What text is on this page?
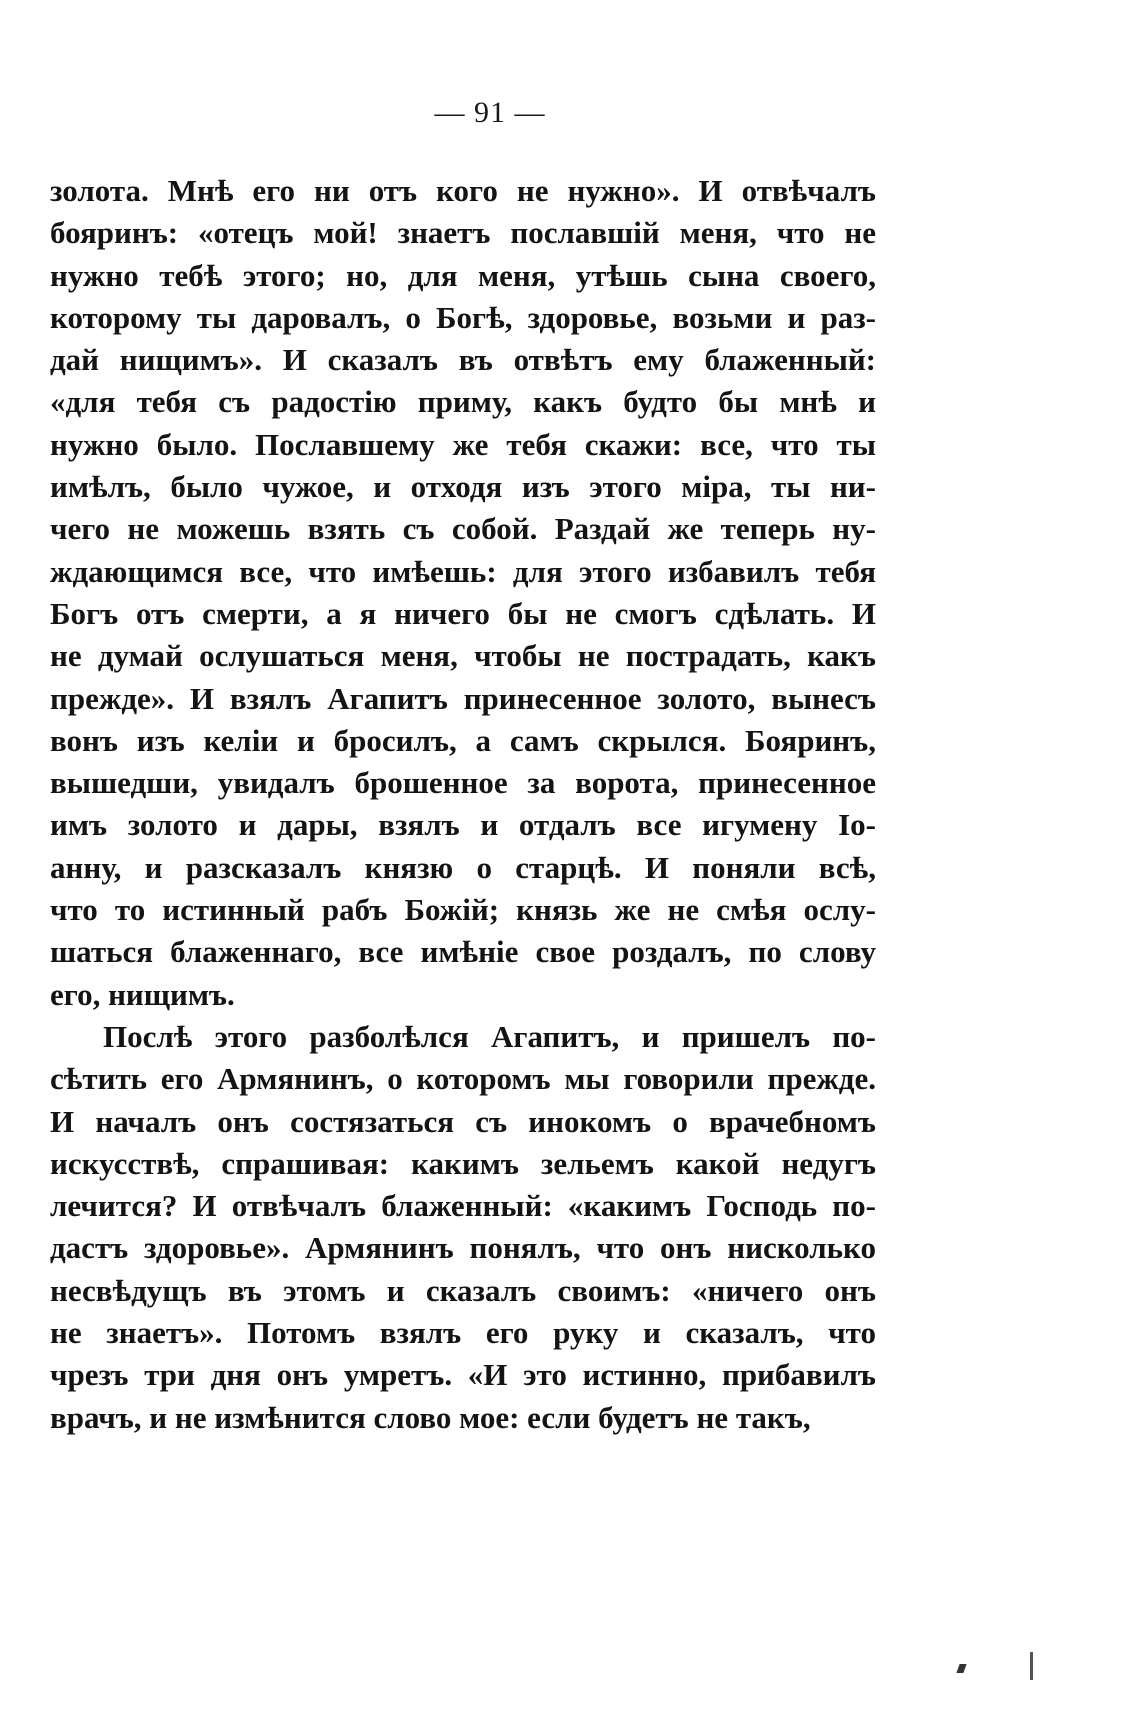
— 91 —
золота. Мнѣ его ни отъ кого не нужно». И отвѣчалъ
бояринъ: «отецъ мой! знаетъ пославшій меня, что не
нужно тебѣ этого; но, для меня, утѣшь сына своего,
которому ты даровалъ, о Богѣ, здоровье, возьми и раз-
дай нищимъ». И сказалъ въ отвѣтъ ему блаженный:
«для тебя съ радостію приму, какъ будто бы мнѣ и
нужно было. Пославшему же тебя скажи: все, что ты
имѣлъ, было чужое, и отходя изъ этого міра, ты ни-
чего не можешь взять съ собой. Раздай же теперь ну-
ждающимся все, что имѣешь: для этого избавилъ тебя
Богъ отъ смерти, а я ничего бы не смогъ сдѣлать. И
не думай ослушаться меня, чтобы не пострадать, какъ
прежде». И взялъ Агапитъ принесенное золото, вынесъ
вонъ изъ келіи и бросилъ, а самъ скрылся. Бояринъ,
вышедши, увидалъ брошенное за ворота, принесенное
имъ золото и дары, взялъ и отдалъ все игумену Іо-
анну, и разсказалъ князю о старцѣ. И поняли всѣ,
что то истинный рабъ Божій; князь же не смѣя ослу-
шаться блаженнаго, все имѣніе свое роздалъ, по слову
его, нищимъ.
Послѣ этого разболѣлся Агапитъ, и пришелъ по-
сѣтить его Армянинъ, о которомъ мы говорили прежде.
И началъ онъ состязаться съ инокомъ о врачебномъ
искусствѣ, спрашивая: какимъ зельемъ какой недугъ
лечится? И отвѣчалъ блаженный: «какимъ Господь по-
дастъ здоровье». Армянинъ понялъ, что онъ нисколько
несвѣдущъ въ этомъ и сказалъ своимъ: «ничего онъ
не знаетъ». Потомъ взялъ его руку и сказалъ, что
чрезъ три дня онъ умретъ. «И это истинно, прибавилъ
врачъ, и не измѣнится слово мое: если будетъ не такъ,
